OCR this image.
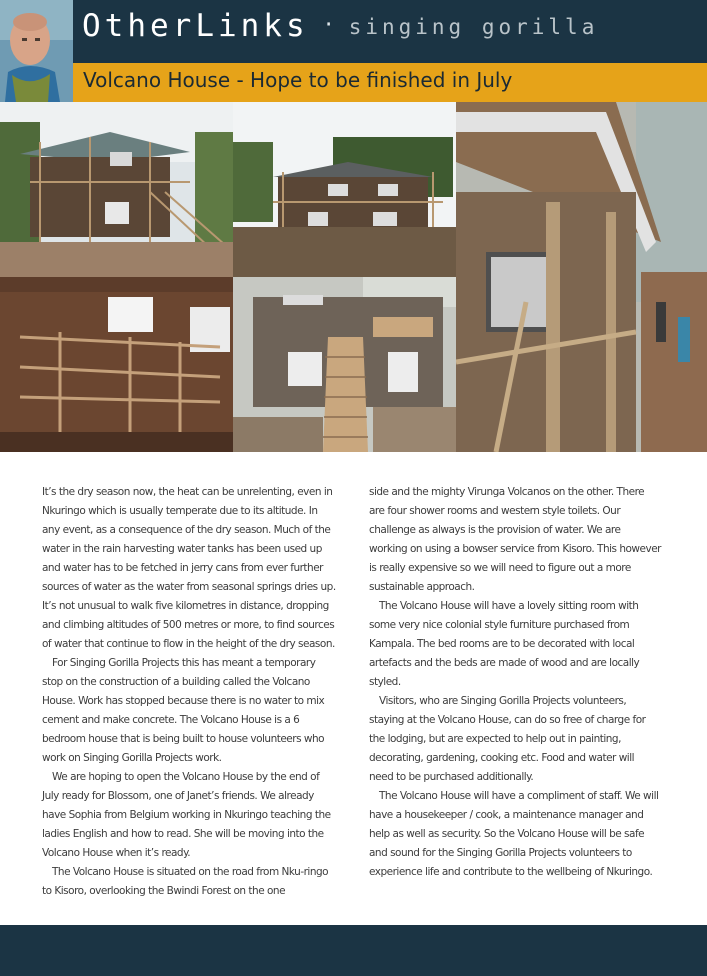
OtherLinks · singing gorilla
Volcano House - Hope to be finished in July

It’s the dry season now, the heat can be unrelenting, even in Nkuringo which is usually temperate due to its altitude. In any event, as a consequence of the dry season. Much of the water in the rain harvesting water tanks has been used up and water has to be fetched in jerry cans from ever further sources of water as the water from seasonal springs dries up. It’s not unusual to walk five kilometres in distance, dropping and climbing altitudes of 500 metres or more, to find sources of water that continue to flow in the height of the dry season.

For Singing Gorilla Projects this has meant a temporary stop on the construction of a building called the Volcano House. Work has stopped because there is no water to mix cement and make concrete. The Volcano House is a 6 bedroom house that is being built to house volunteers who work on Singing Gorilla Projects work.

We are hoping to open the Volcano House by the end of July ready for Blossom, one of Janet’s friends. We already have Sophia from Belgium working in Nkuringo teaching the ladies English and how to read. She will be moving into the Volcano House when it’s ready.

The Volcano House is situated on the road from Nku-ringo to Kisoro, overlooking the Bwindi Forest on the one

side and the mighty Virunga Volcanos on the other. There are four shower rooms and western style toilets. Our challenge as always is the provision of water. We are working on using a bowser service from Kisoro. This however is really expensive so we will need to figure out a more sustainable approach.

The Volcano House will have a lovely sitting room with some very nice colonial style furniture purchased from Kampala. The bed rooms are to be decorated with local artefacts and the beds are made of wood and are locally styled.

Visitors, who are Singing Gorilla Projects volunteers, staying at the Volcano House, can do so free of charge for the lodging, but are expected to help out in painting, decorating, gardening, cooking etc. Food and water will need to be purchased additionally.

The Volcano House will have a compliment of staff. We will have a housekeeper / cook, a maintenance manager and help as well as security. So the Volcano House will be safe and sound for the Singing Gorilla Projects volunteers to experience life and contribute to the wellbeing of Nkuringo.
